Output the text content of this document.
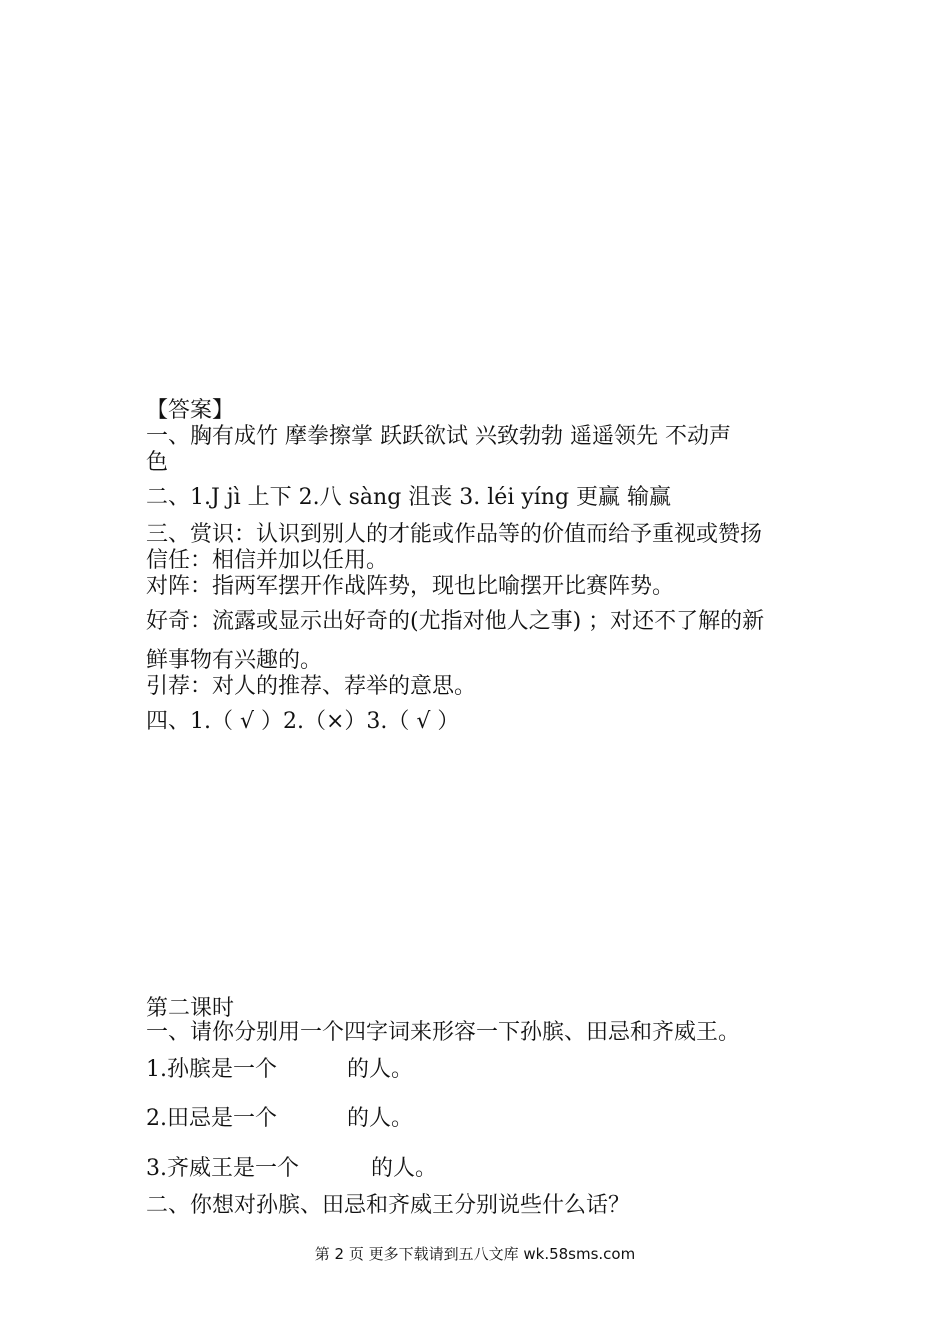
【答案】
一、胸有成竹 摩拳擦掌 跃跃欲试 兴致勃勃 遥遥领先 不动声
色
二、1.J jì 上下 2.八 sàng 沮丧 3. léi yíng 更赢 输赢
三、赏识：认识到别人的才能或作品等的价值而给予重视或赞扬
信任：相信并加以任用。
对阵：指两军摆开作战阵势，现也比喻摆开比赛阵势。
好奇：流露或显示出好奇的(尤指对他人之事) ；对还不了解的新
鲜事物有兴趣的。
引荐：对人的推荐、荐举的意思。
四、1.（ √ ）2.（×）3.（ √ ）
第二课时
一、请你分别用一个四字词来形容一下孙膑、田忌和齐威王。
1.孙膑是一个	的人。
2.田忌是一个	的人。
3.齐威王是一个	的人。
二、你想对孙膑、田忌和齐威王分别说些什么话？
第 2 页 更多下载请到五八文库 wk.58sms.com
